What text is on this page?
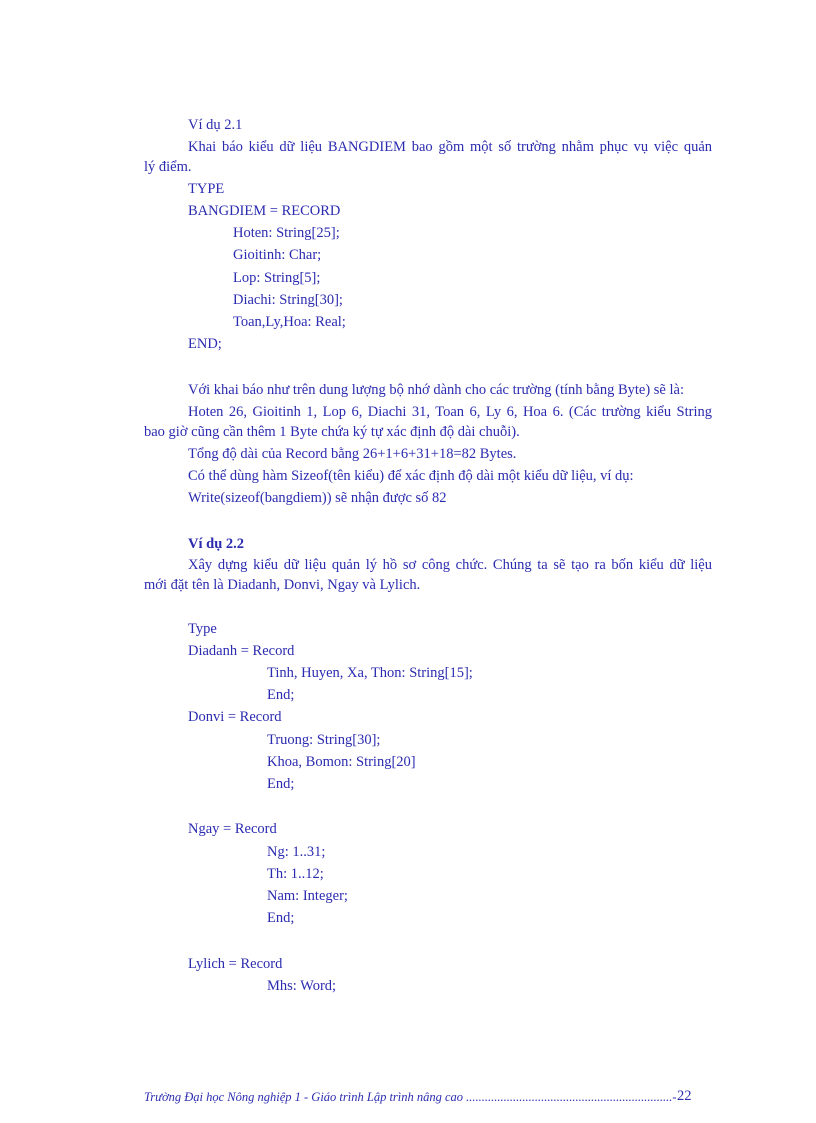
Ví dụ 2.1
Khai báo kiểu dữ liệu BANGDIEM bao gồm một số trường nhằm phục vụ việc quản
lý điểm.
TYPE
BANGDIEM = RECORD
Hoten: String[25];
Gioitinh: Char;
Lop: String[5];
Diachi: String[30];
Toan,Ly,Hoa: Real;
END;
Với khai báo như trên dung lượng bộ nhớ dành cho các trường (tính bằng Byte) sẽ là:
Hoten 26, Gioitinh 1, Lop 6, Diachi 31, Toan 6, Ly 6, Hoa 6. (Các trường kiểu String
bao giờ cũng cần thêm 1 Byte chứa ký tự xác định độ dài chuỗi).
Tổng độ dài của Record bằng 26+1+6+31+18=82 Bytes.
Có thể dùng hàm Sizeof(tên kiểu) để xác định độ dài một kiểu dữ liệu, ví dụ:
Write(sizeof(bangdiem)) sẽ nhận được số 82
Ví dụ 2.2
Xây dựng kiểu dữ liệu quản lý hồ sơ công chức. Chúng ta sẽ tạo ra bốn kiểu dữ liệu
mới đặt tên là Diadanh, Donvi, Ngay và Lylich.
Type
Diadanh = Record
Tinh, Huyen, Xa, Thon: String[15];
End;
Donvi = Record
Truong: String[30];
Khoa, Bomon: String[20]
End;
Ngay = Record
Ng: 1..31;
Th: 1..12;
Nam: Integer;
End;
Lylich = Record
Mhs: Word;
Trường Đại học Nông nghiệp 1 - Giáo trình Lập trình nâng cao ..................................................................- 22
